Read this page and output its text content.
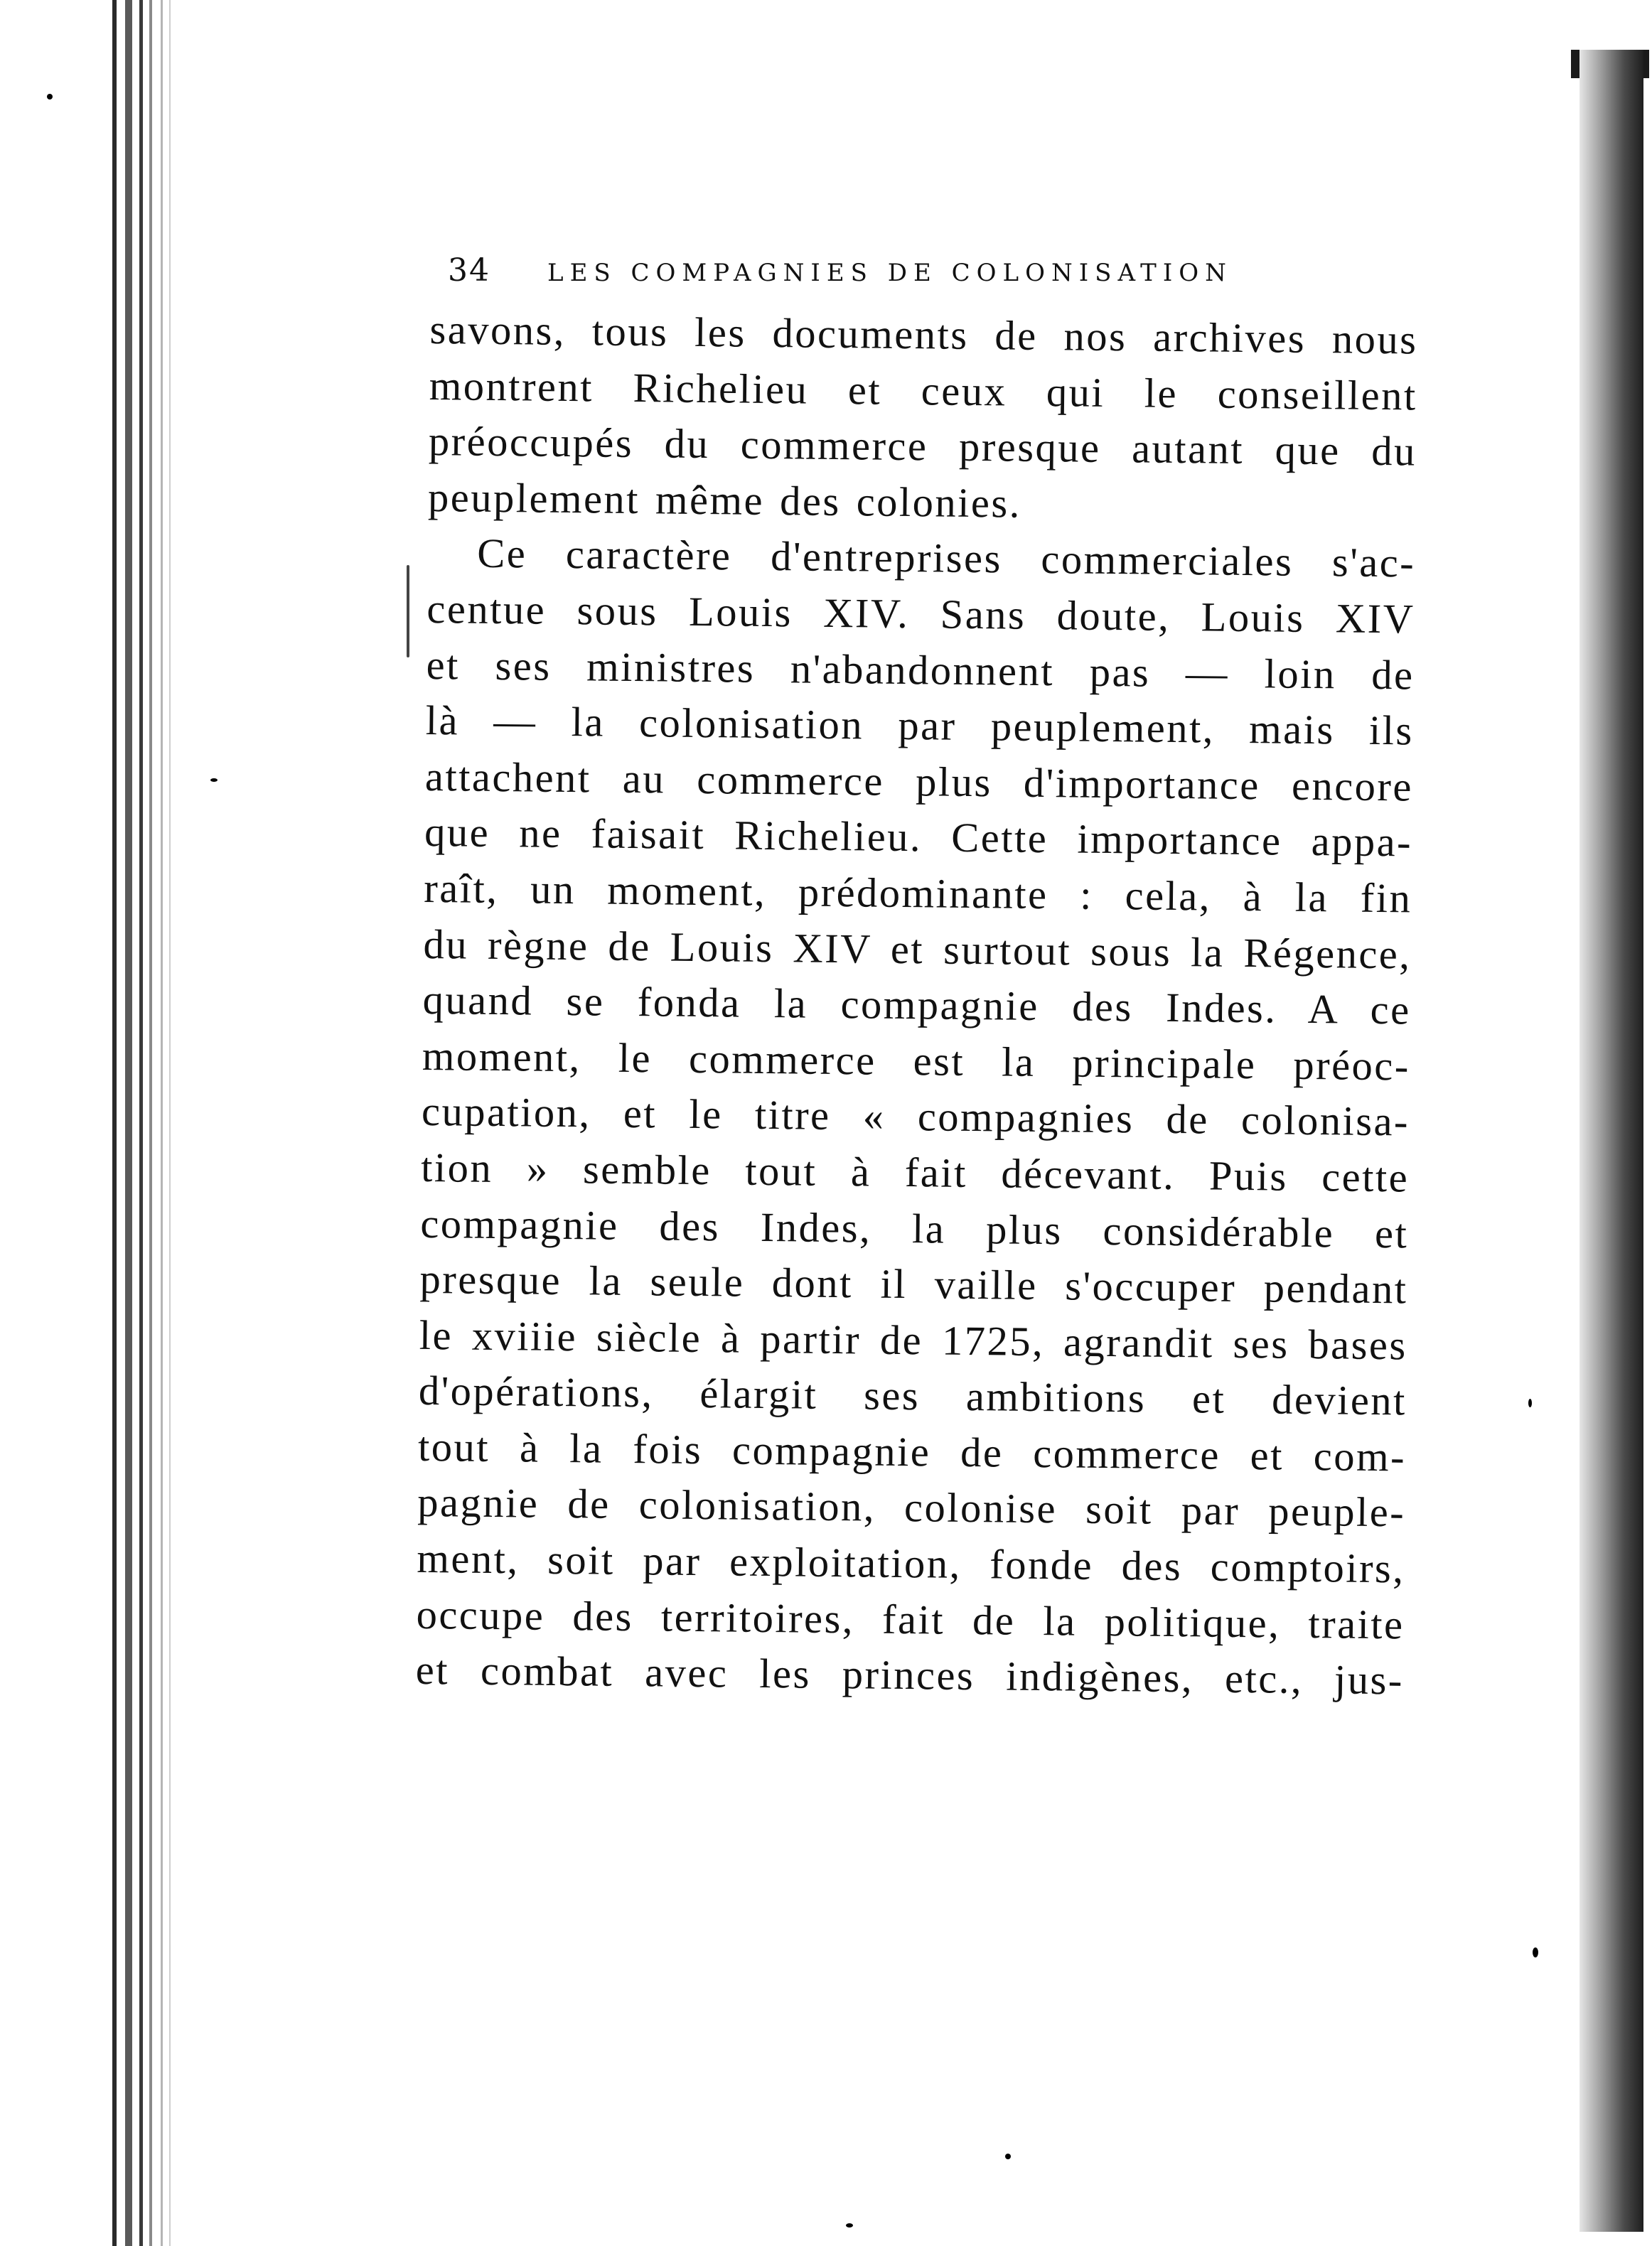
34	LES COMPAGNIES DE COLONISATION
savons, tous les documents de nos archives nous
montrent Richelieu et ceux qui le conseillent
préoccupés du commerce presque autant que du
peuplement même des colonies.
Ce caractère d'entreprises commerciales s'ac-
centue sous Louis XIV. Sans doute, Louis XIV
et ses ministres n'abandonnent pas — loin de
là — la colonisation par peuplement, mais ils
attachent au commerce plus d'importance encore
que ne faisait Richelieu. Cette importance appa-
raît, un moment, prédominante : cela, à la fin
du règne de Louis XIV et surtout sous la Régence,
quand se fonda la compagnie des Indes. A ce
moment, le commerce est la principale préoc-
cupation, et le titre « compagnies de colonisa-
tion » semble tout à fait décevant. Puis cette
compagnie des Indes, la plus considérable et
presque la seule dont il vaille s'occuper pendant
le xviiie siècle à partir de 1725, agrandit ses bases
d'opérations, élargit ses ambitions et devient
tout à la fois compagnie de commerce et com-
pagnie de colonisation, colonise soit par peuple-
ment, soit par exploitation, fonde des comptoirs,
occupe des territoires, fait de la politique, traite
et combat avec les princes indigènes, etc., jus-
